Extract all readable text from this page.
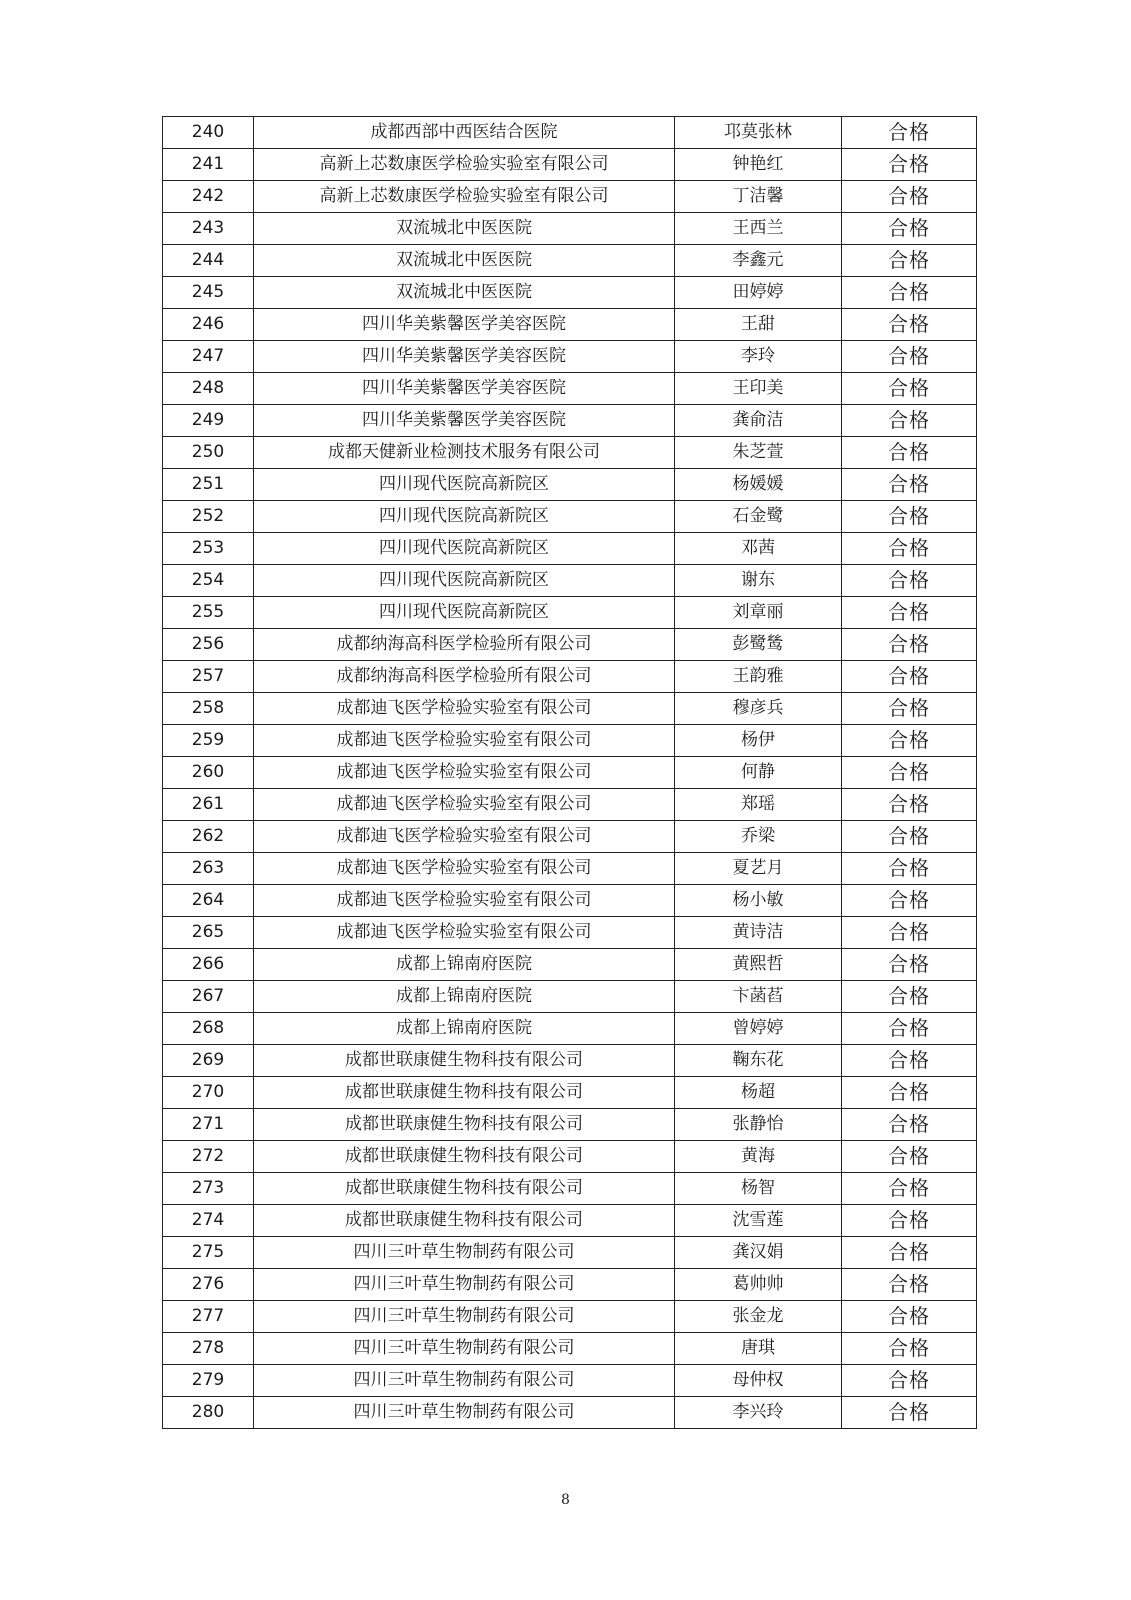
240	成都西部中西医结合医院	邛莫张林	合格
241	高新上芯数康医学检验实验室有限公司	钟艳红	合格
242	高新上芯数康医学检验实验室有限公司	丁洁馨	合格
243	双流城北中医医院	王西兰	合格
244	双流城北中医医院	李鑫元	合格
245	双流城北中医医院	田婷婷	合格
246	四川华美紫馨医学美容医院	王甜	合格
247	四川华美紫馨医学美容医院	李玲	合格
248	四川华美紫馨医学美容医院	王印美	合格
249	四川华美紫馨医学美容医院	龚俞洁	合格
250	成都天健新业检测技术服务有限公司	朱芝萱	合格
251	四川现代医院高新院区	杨媛媛	合格
252	四川现代医院高新院区	石金鹭	合格
253	四川现代医院高新院区	邓茜	合格
254	四川现代医院高新院区	谢东	合格
255	四川现代医院高新院区	刘章丽	合格
256	成都纳海高科医学检验所有限公司	彭鹭鸶	合格
257	成都纳海高科医学检验所有限公司	王韵雅	合格
258	成都迪飞医学检验实验室有限公司	穆彦兵	合格
259	成都迪飞医学检验实验室有限公司	杨伊	合格
260	成都迪飞医学检验实验室有限公司	何静	合格
261	成都迪飞医学检验实验室有限公司	郑瑶	合格
262	成都迪飞医学检验实验室有限公司	乔梁	合格
263	成都迪飞医学检验实验室有限公司	夏艺月	合格
264	成都迪飞医学检验实验室有限公司	杨小敏	合格
265	成都迪飞医学检验实验室有限公司	黄诗洁	合格
266	成都上锦南府医院	黄熙哲	合格
267	成都上锦南府医院	卞菡萏	合格
268	成都上锦南府医院	曾婷婷	合格
269	成都世联康健生物科技有限公司	鞠东花	合格
270	成都世联康健生物科技有限公司	杨超	合格
271	成都世联康健生物科技有限公司	张静怡	合格
272	成都世联康健生物科技有限公司	黄海	合格
273	成都世联康健生物科技有限公司	杨智	合格
274	成都世联康健生物科技有限公司	沈雪莲	合格
275	四川三叶草生物制药有限公司	龚汉娟	合格
276	四川三叶草生物制药有限公司	葛帅帅	合格
277	四川三叶草生物制药有限公司	张金龙	合格
278	四川三叶草生物制药有限公司	唐琪	合格
279	四川三叶草生物制药有限公司	母仲权	合格
280	四川三叶草生物制药有限公司	李兴玲	合格
8
